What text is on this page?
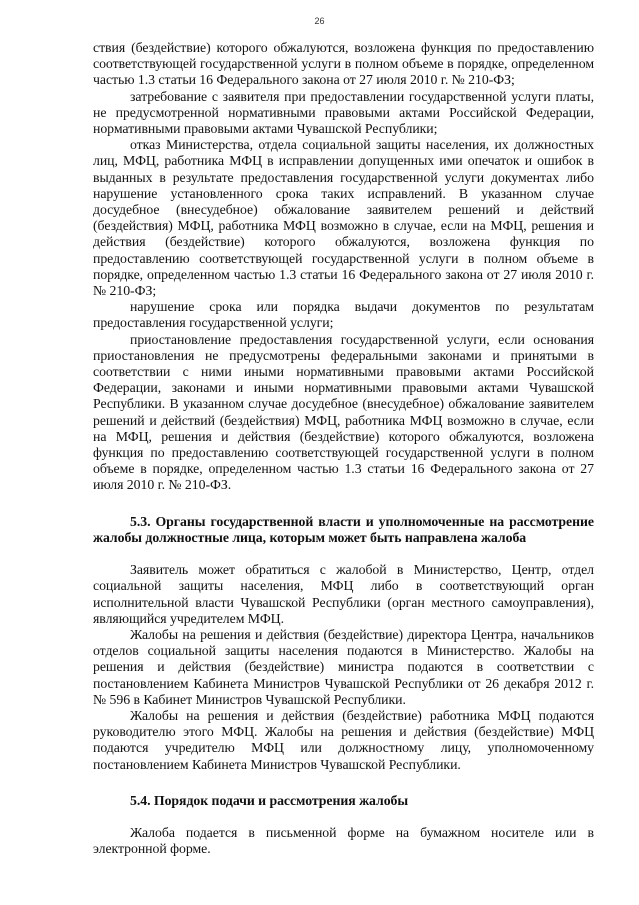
26

ствия (бездействие) которого обжалуются, возложена функция по предоставлению соответствующей государственной услуги в полном объеме в порядке, определенном частью 1.3 статьи 16 Федерального закона от 27 июля 2010 г. № 210-ФЗ;

затребование с заявителя при предоставлении государственной услуги платы, не предусмотренной нормативными правовыми актами Российской Федерации, нормативными правовыми актами Чувашской Республики;

отказ Министерства, отдела социальной защиты населения, их должностных лиц, МФЦ, работника МФЦ в исправлении допущенных ими опечаток и ошибок в выданных в результате предоставления государственной услуги документах либо нарушение установленного срока таких исправлений. В указанном случае досудебное (внесудебное) обжалование заявителем решений и действий (бездействия) МФЦ, работника МФЦ возможно в случае, если на МФЦ, решения и действия (бездействие) которого обжалуются, возложена функция по предоставлению соответствующей государственной услуги в полном объеме в порядке, определенном частью 1.3 статьи 16 Федерального закона от 27 июля 2010 г. № 210-ФЗ;

нарушение срока или порядка выдачи документов по результатам предоставления государственной услуги;

приостановление предоставления государственной услуги, если основания приостановления не предусмотрены федеральными законами и принятыми в соответствии с ними иными нормативными правовыми актами Российской Федерации, законами и иными нормативными правовыми актами Чувашской Республики. В указанном случае досудебное (внесудебное) обжалование заявителем решений и действий (бездействия) МФЦ, работника МФЦ возможно в случае, если на МФЦ, решения и действия (бездействие) которого обжалуются, возложена функция по предоставлению соответствующей государственной услуги в полном объеме в порядке, определенном частью 1.3 статьи 16 Федерального закона от 27 июля 2010 г. № 210-ФЗ.

5.3. Органы государственной власти и уполномоченные на рассмотрение жалобы должностные лица, которым может быть направлена жалоба

Заявитель может обратиться с жалобой в Министерство, Центр, отдел социальной защиты населения, МФЦ либо в соответствующий орган исполнительной власти Чувашской Республики (орган местного самоуправления), являющийся учредителем МФЦ.

Жалобы на решения и действия (бездействие) директора Центра, начальников отделов социальной защиты населения подаются в Министерство. Жалобы на решения и действия (бездействие) министра подаются в соответствии с постановлением Кабинета Министров Чувашской Республики от 26 декабря 2012 г. № 596 в Кабинет Министров Чувашской Республики.

Жалобы на решения и действия (бездействие) работника МФЦ подаются руководителю этого МФЦ. Жалобы на решения и действия (бездействие) МФЦ подаются учредителю МФЦ или должностному лицу, уполномоченному постановлением Кабинета Министров Чувашской Республики.

5.4. Порядок подачи и рассмотрения жалобы

Жалоба подается в письменной форме на бумажном носителе или в электронной форме.
